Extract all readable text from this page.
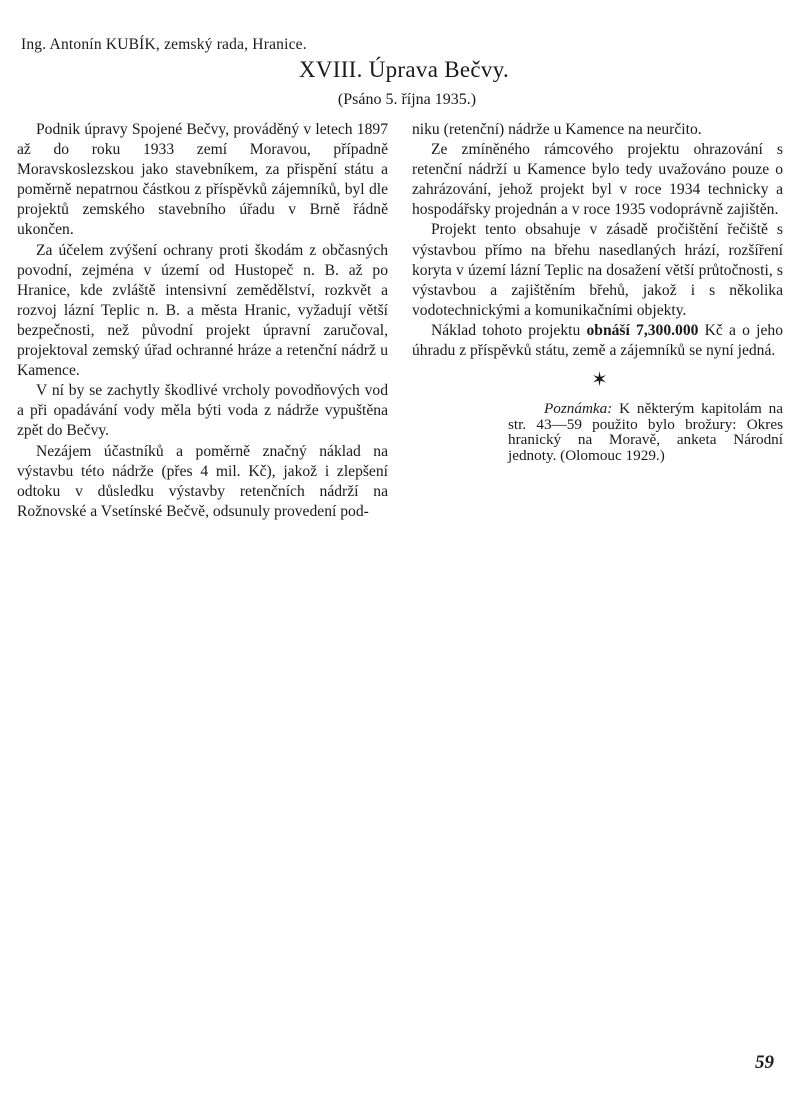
Ing. Antonín KUBÍK, zemský rada, Hranice.
XVIII. Úprava Bečvy.
(Psáno 5. října 1935.)

Podnik úpravy Spojené Bečvy, prováděný v letech 1897 až do roku 1933 zemí Moravou, případně Moravskoslezskou jako stavebníkem, za přispění státu a poměrně nepatrnou částkou z příspěvků zájemníků, byl dle projektů zemského stavebního úřadu v Brně řádně ukončen.

Za účelem zvýšení ochrany proti škodám z občasných povodní, zejména v území od Hustopeč n. B. až po Hranice, kde zvláště intensivní zemědělství, rozkvět a rozvoj lázní Teplic n. B. a města Hranic, vyžadují větší bezpečnosti, než původní projekt úpravní zaručoval, projektoval zemský úřad ochranné hráze a retenční nádrž u Kamence.

V ní by se zachytly škodlivé vrcholy povodňových vod a při opadávání vody měla býti voda z nádrže vypuštěna zpět do Bečvy.

Nezájem účastníků a poměrně značný náklad na výstavbu této nádrže (přes 4 mil. Kč), jakož i zlepšení odtoku v důsledku výstavby retenčních nádrží na Rožnovské a Vsetínské Bečvě, odsunuly provedení pod-

niku (retenční) nádrže u Kamence na neurčito.

Ze zmíněného rámcového projektu ohrazování s retenční nádrží u Kamence bylo tedy uvažováno pouze o zahrázování, jehož projekt byl v roce 1934 technicky a hospodářsky projednán a v roce 1935 vodoprávně zajištěn.

Projekt tento obsahuje v zásadě pročištění řečiště s výstavbou přímo na břehu nasedlaných hrází, rozšíření koryta v území lázní Teplic na dosažení větší průtočnosti, s výstavbou a zajištěním břehů, jakož i s několika vodotechnickými a komunikačními objekty.

Náklad tohoto projektu obnáší 7,300.000 Kč a o jeho úhradu z příspěvků státu, země a zájemníků se nyní jedná.

✶
Poznámka: K některým kapitolám na str. 43—59 použito bylo brožury: Okres hranický na Moravě, anketa Národní jednoty. (Olomouc 1929.)
59
